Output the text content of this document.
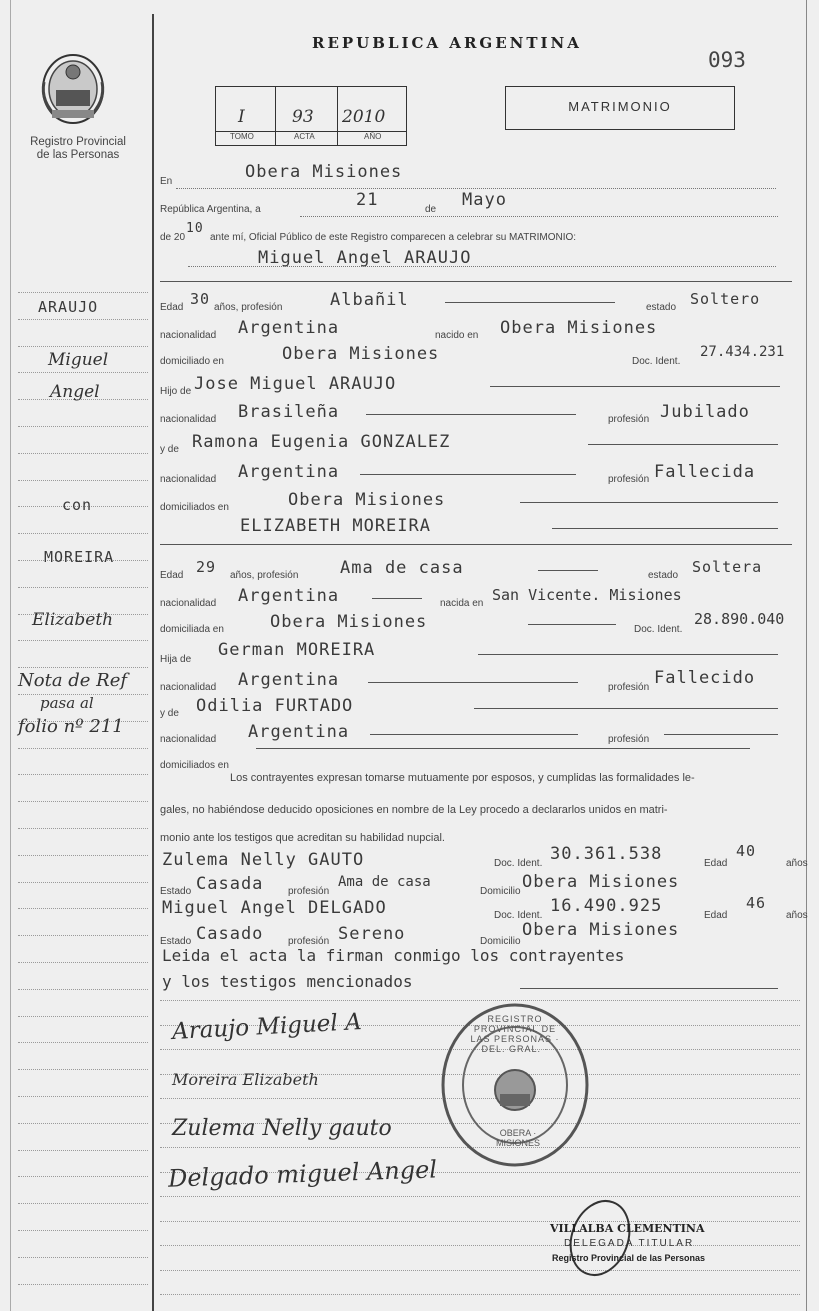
Registro Provincial
de las Personas
REPUBLICA ARGENTINA
093
I	93 2010
TOMO	ACTA	AÑO
MATRIMONIO
En	Obera Misiones
República Argentina, a	21	de Mayo
de 20
10
ante mí, Oficial Público de este Registro comparecen a celebrar su MATRIMONIO:
Miguel Angel ARAUJO
ARAUJO
Miguel
Angel
con
MOREIRA
Elizabeth
Nota de Ref
pasa al
folio nº 211
Edad 30 años, profesión	Albañil	estado Soltero
nacionalidad Argentina	nacido en Obera Misiones
domiciliado en	Obera Misiones	Doc. Ident.
27.434.231
Hijo de Jose Miguel ARAUJO
nacionalidad Brasileña	profesión Jubilado
y de Ramona Eugenia GONZALEZ
nacionalidad Argentina	profesión Fallecida
domiciliados en	Obera Misiones
ELIZABETH MOREIRA
Edad 29 años, profesión Ama de casa	estado Soltera
nacionalidad Argentina	nacida en San Vicente. Misiones
domiciliada en	Obera Misiones	Doc. Ident.
28.890.040
Hija de German MOREIRA
nacionalidad Argentina	profesión Fallecido
y de Odilia FURTADO
nacionalidad Argentina	profesión
domiciliados en
Los contrayentes expresan tomarse mutuamente por esposos, y cumplidas las formalidades le-
gales, no habiéndose deducido oposiciones en nombre de la Ley procedo a declararlos unidos en matri-
monio ante los testigos que acreditan su habilidad nupcial.
Zulema Nelly GAUTO	Doc. Ident. 30.361.538	Edad
40
años
Estado Casada profesión
Ama de casa
Domicilio Obera Misiones
Miguel Angel DELGADO	Doc. Ident. 16.490.925	Edad
46
años
Estado Casado profesión Sereno	Domicilio
Obera Misiones
Leida el acta la firman conmigo los contrayentes
y los testigos mencionados
Araujo Miguel A
Moreira Elizabeth
Zulema Nelly gauto
Delgado miguel Angel
REGISTRO PROVINCIAL DE LAS PERSONAS · DEL. GRAL. ·
OBERA · MISIONES
VILLALBA CLEMENTINA
DELEGADA TITULAR
Registro Provincial de las Personas
